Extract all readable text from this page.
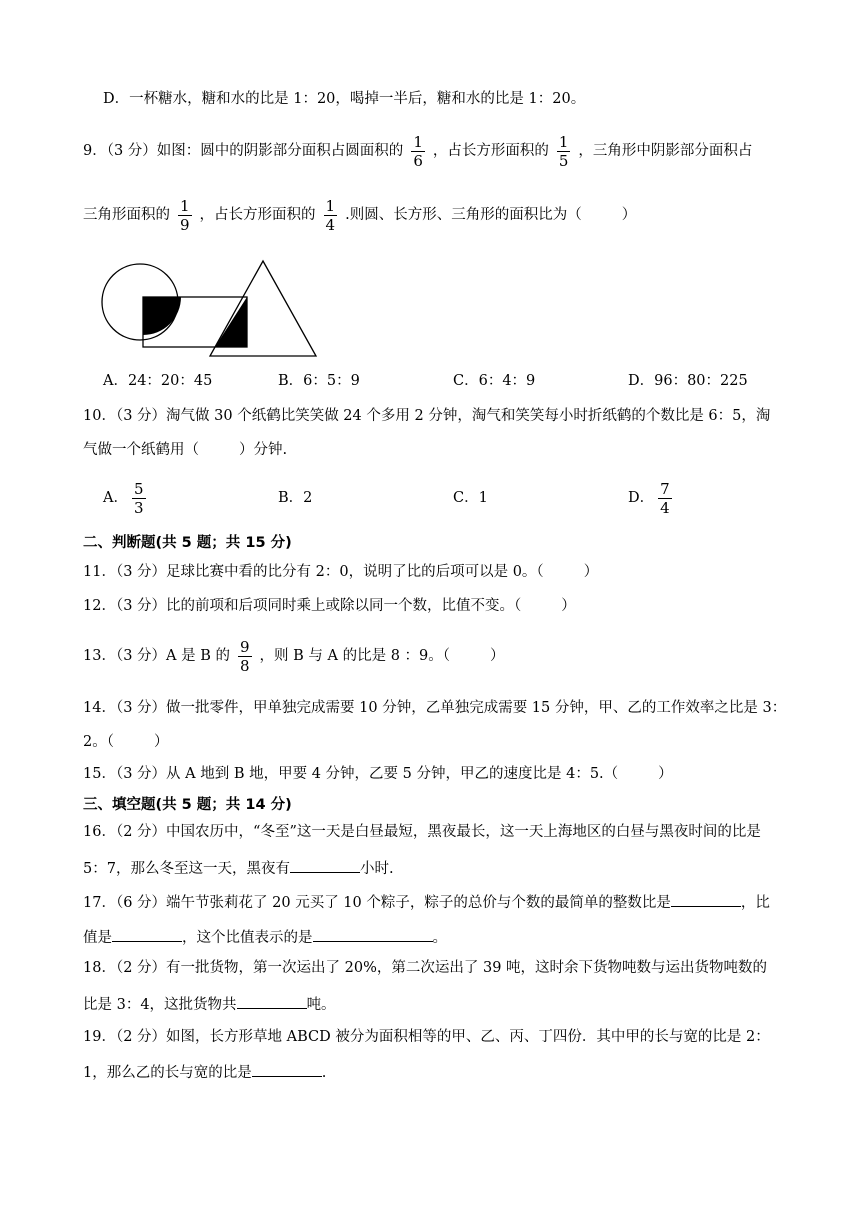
D．一杯糖水，糖和水的比是 1：20，喝掉一半后，糖和水的比是 1：20。
9．（3 分）如图：圆中的阴影部分面积占圆面积的 $\frac{1}{6}$ ，占长方形面积的 $\frac{1}{5}$ ，三角形中阴影部分面积占
三角形面积的 $\frac{1}{9}$ ，占长方形面积的 $\frac{1}{4}$ .则圆、长方形、三角形的面积比为（	）
A．24：20：45	B．6：5：9	C．6：4：9	D．96：80：225
10．（3 分）淘气做 30 个纸鹤比笑笑做 24 个多用 2 分钟，淘气和笑笑每小时折纸鹤的个数比是 6：5，淘
气做一个纸鹤用（	）分钟.
A． $\frac{5}{3}$	B．2	C．1	D． $\frac{7}{4}$
二、判断题(共 5 题；共 15 分)
11．（3 分）足球比赛中看的比分有 2：0，说明了比的后项可以是 0。（	）
12．（3 分）比的前项和后项同时乘上或除以同一个数，比值不变。（	）
13．（3 分）A 是 B 的 $\frac{9}{8}$ ，则 B 与 A 的比是 8 ：9。（	）
14．（3 分）做一批零件，甲单独完成需要 10 分钟，乙单独完成需要 15 分钟，甲、乙的工作效率之比是 3：
2。（	）
15．（3 分）从 A 地到 B 地，甲要 4 分钟，乙要 5 分钟，甲乙的速度比是 4：5.（	）
三、填空题(共 5 题；共 14 分)
16．（2 分）中国农历中，“冬至”这一天是白昼最短，黑夜最长，这一天上海地区的白昼与黑夜时间的比是
5：7，那么冬至这一天，黑夜有	小时.
17．（6 分）端午节张莉花了 20 元买了 10 个粽子，粽子的总价与个数的最简单的整数比是	，比
值是	，这个比值表示的是	。
18．（2 分）有一批货物，第一次运出了 20%，第二次运出了 39 吨，这时余下货物吨数与运出货物吨数的
比是 3：4，这批货物共	吨。
19．（2 分）如图，长方形草地 ABCD 被分为面积相等的甲、乙、丙、丁四份．其中甲的长与宽的比是 2：
1，那么乙的长与宽的比是	.
